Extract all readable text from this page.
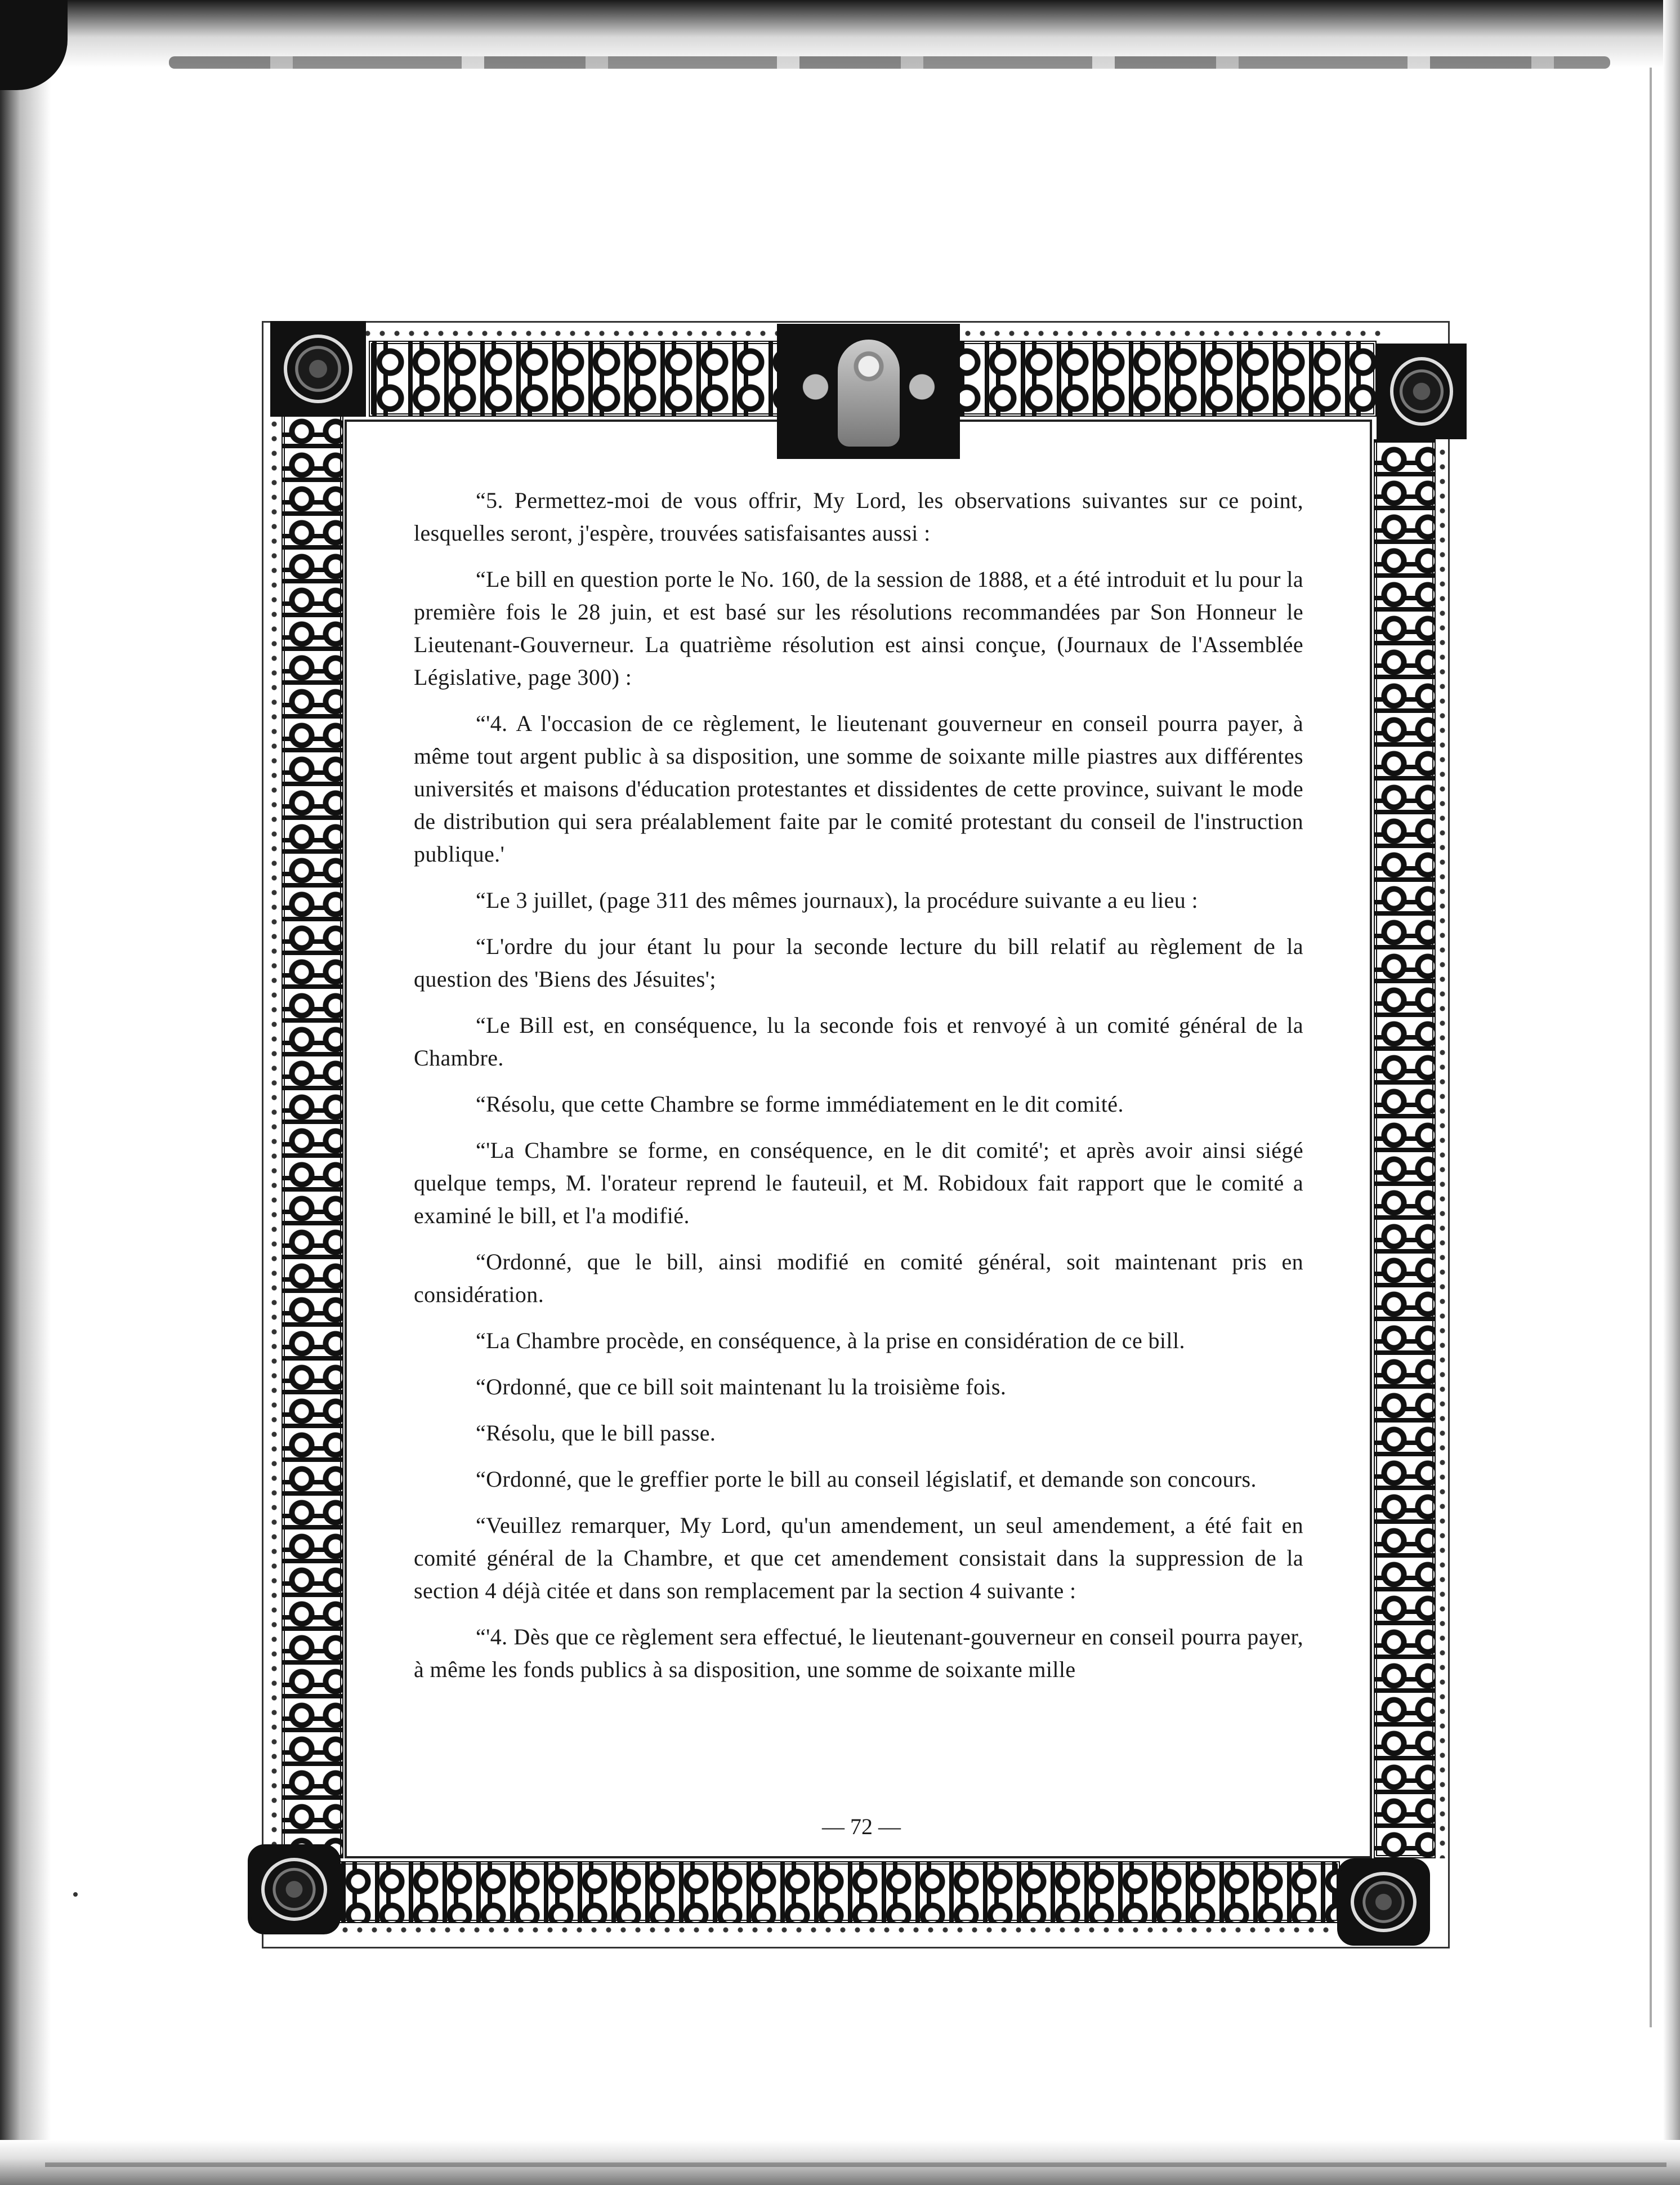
“5. Permettez-moi de vous offrir, My Lord, les observations suivantes sur ce point, lesquelles seront, j'espère, trouvées satisfaisantes aussi :

“Le bill en question porte le No. 160, de la session de 1888, et a été introduit et lu pour la première fois le 28 juin, et est basé sur les résolutions recommandées par Son Honneur le Lieutenant-Gouverneur. La quatrième résolution est ainsi conçue, (Journaux de l'Assemblée Législative, page 300) :

“'4. A l'occasion de ce règlement, le lieutenant gouverneur en conseil pourra payer, à même tout argent public à sa disposition, une somme de soixante mille piastres aux différentes universités et maisons d'éducation protestantes et dissidentes de cette province, suivant le mode de distribution qui sera préalablement faite par le comité protestant du conseil de l'instruction publique.'

“Le 3 juillet, (page 311 des mêmes journaux), la procédure suivante a eu lieu :

“L'ordre du jour étant lu pour la seconde lecture du bill relatif au règlement de la question des 'Biens des Jésuites';

“Le Bill est, en conséquence, lu la seconde fois et renvoyé à un comité général de la Chambre.

“Résolu, que cette Chambre se forme immédiatement en le dit comité.

“'La Chambre se forme, en conséquence, en le dit comité'; et après avoir ainsi siégé quelque temps, M. l'orateur reprend le fauteuil, et M. Robidoux fait rapport que le comité a examiné le bill, et l'a modifié.

“Ordonné, que le bill, ainsi modifié en comité général, soit maintenant pris en considération.

“La Chambre procède, en conséquence, à la prise en considération de ce bill.

“Ordonné, que ce bill soit maintenant lu la troisième fois.

“Résolu, que le bill passe.

“Ordonné, que le greffier porte le bill au conseil législatif, et demande son concours.

“Veuillez remarquer, My Lord, qu'un amendement, un seul amendement, a été fait en comité général de la Chambre, et que cet amendement consistait dans la suppression de la section 4 déjà citée et dans son remplacement par la section 4 suivante :

“'4. Dès que ce règlement sera effectué, le lieutenant-gouverneur en conseil pourra payer, à même les fonds publics à sa disposition, une somme de soixante mille

— 72 —
